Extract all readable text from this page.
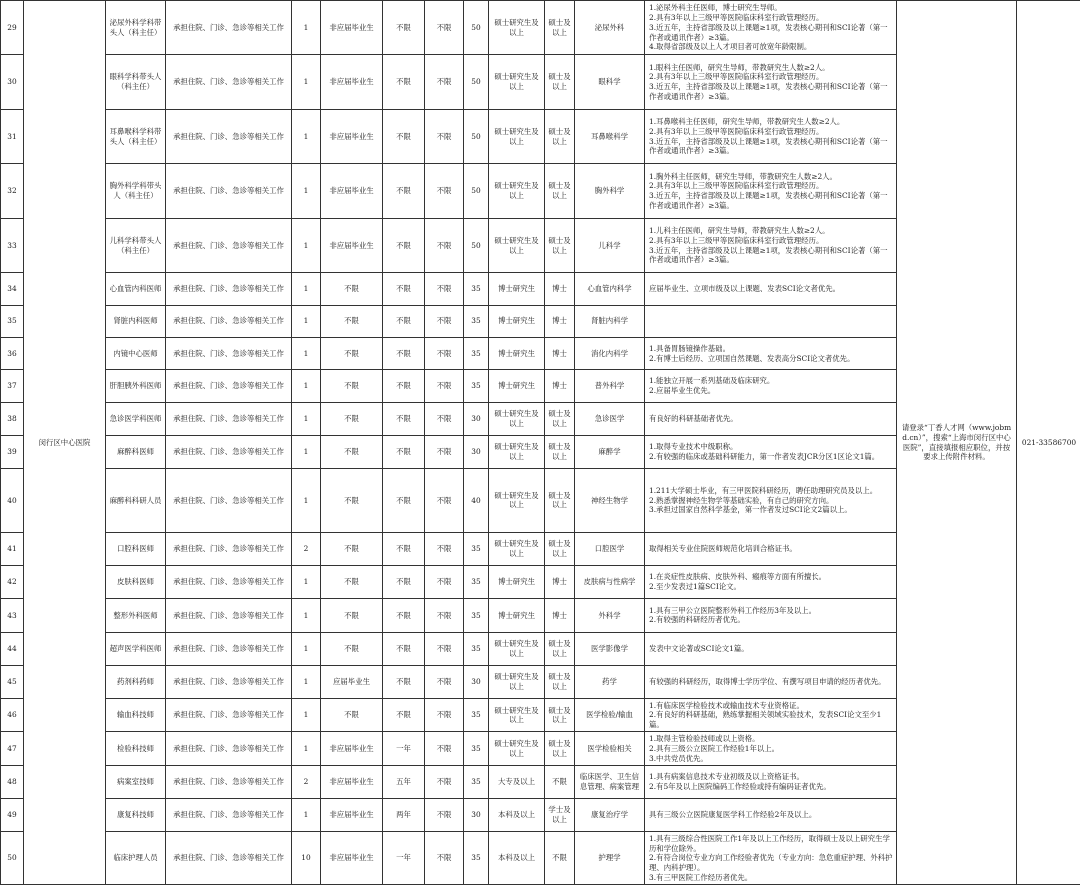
29	闵行区中心医院	泌尿外科学科带头人（科主任）	承担住院、门诊、急诊等相关工作	1	非应届毕业生	不限	不限	50	硕士研究生及以上	硕士及以上	泌尿外科	1.泌尿外科主任医师，博士研究生导师。
2.具有3年以上三级甲等医院临床科室行政管理经历。
3.近五年，主持省部级及以上课题≥1项，发表核心期刊和SCI论著（第一作者或通讯作者）≥3篇。
4.取得省部级及以上人才项目者可放宽年龄限制。	请登录“丁香人才网（www.jobmd.cn）”，搜索“上海市闵行区中心医院”，直接填报相应职位，并按要求上传附件材料。	021-33586700
30		眼科学科带头人（科主任）	承担住院、门诊、急诊等相关工作	1	非应届毕业生	不限	不限	50	硕士研究生及以上	硕士及以上	眼科学	1.眼科主任医师，研究生导师，带教研究生人数≥2人。
2.具有3年以上三级甲等医院临床科室行政管理经历。
3.近五年，主持省部级及以上课题≥1项，发表核心期刊和SCI论著（第一作者或通讯作者）≥3篇。		

31		耳鼻喉科学科带头人（科主任）	承担住院、门诊、急诊等相关工作	1	非应届毕业生	不限	不限	50	硕士研究生及以上	硕士及以上	耳鼻喉科学	1.耳鼻喉科主任医师，研究生导师，带教研究生人数≥2人。
2.具有3年以上三级甲等医院临床科室行政管理经历。
3.近五年，主持省部级及以上课题≥1项，发表核心期刊和SCI论著（第一作者或通讯作者）≥3篇。		

32		胸外科学科带头人（科主任）	承担住院、门诊、急诊等相关工作	1	非应届毕业生	不限	不限	50	硕士研究生及以上	硕士及以上	胸外科学	1.胸外科主任医师，研究生导师，带教研究生人数≥2人。
2.具有3年以上三级甲等医院临床科室行政管理经历。
3.近五年，主持省部级及以上课题≥1项，发表核心期刊和SCI论著（第一作者或通讯作者）≥3篇。		

33		儿科学科带头人（科主任）	承担住院、门诊、急诊等相关工作	1	非应届毕业生	不限	不限	50	硕士研究生及以上	硕士及以上	儿科学	1.儿科主任医师，研究生导师，带教研究生人数≥2人。
2.具有3年以上三级甲等医院临床科室行政管理经历。
3.近五年，主持省部级及以上课题≥1项，发表核心期刊和SCI论著（第一作者或通讯作者）≥3篇。		

34		心血管内科医师	承担住院、门诊、急诊等相关工作	1	不限	不限	不限	35	博士研究生	博士	心血管内科学	应届毕业生、立项市级及以上课题、发表SCI论文者优先。		

35		肾脏内科医师	承担住院、门诊、急诊等相关工作	1	不限	不限	不限	35	博士研究生	博士	肾脏内科学			
36		内镜中心医师	承担住院、门诊、急诊等相关工作	1	不限	不限	不限	35	博士研究生	博士	消化内科学	1.具备胃肠镜操作基础。
2.有博士后经历、立项国自然课题、发表高分SCI论文者优先。		

37		肝胆胰外科医师	承担住院、门诊、急诊等相关工作	1	不限	不限	不限	35	博士研究生	博士	普外科学	1.能独立开展一系列基础及临床研究。
2.应届毕业生优先。		

38		急诊医学科医师	承担住院、门诊、急诊等相关工作	1	不限	不限	不限	30	硕士研究生及以上	硕士及以上	急诊医学	有良好的科研基础者优先。		

39		麻醉科医师	承担住院、门诊、急诊等相关工作	1	不限	不限	不限	30	硕士研究生及以上	硕士及以上	麻醉学	1.取得专业技术中级职称。
2.有较强的临床或基础科研能力，第一作者发表JCR分区1区论文1篇。		

40		麻醉科科研人员	承担住院、门诊、急诊等相关工作	1	不限	不限	不限	40	硕士研究生及以上	硕士及以上	神经生物学	1.211大学硕士毕业，有三甲医院科研经历，聘任助理研究员及以上。
2.熟悉掌握神经生物学等基础实验，有自己的研究方向。
3.承担过国家自然科学基金，第一作者发过SCI论文2篇以上。		

41		口腔科医师	承担住院、门诊、急诊等相关工作	2	不限	不限	不限	35	硕士研究生及以上	硕士及以上	口腔医学	取得相关专业住院医师规范化培训合格证书。		

42		皮肤科医师	承担住院、门诊、急诊等相关工作	1	不限	不限	不限	35	博士研究生	博士	皮肤病与性病学	1.在炎症性皮肤病、皮肤外科、瘢痕等方面有所擅长。
2.至少发表过1篇SCI论文。		

43		整形外科医师	承担住院、门诊、急诊等相关工作	1	不限	不限	不限	35	博士研究生	博士	外科学	1.具有三甲公立医院整形外科工作经历3年及以上。
2.有较强的科研经历者优先。		

44		超声医学科医师	承担住院、门诊、急诊等相关工作	1	不限	不限	不限	35	硕士研究生及以上	硕士及以上	医学影像学	发表中文论著或SCI论文1篇。		

45		药剂科药师	承担住院、门诊、急诊等相关工作	1	应届毕业生	不限	不限	30	硕士研究生及以上	硕士及以上	药学	有较强的科研经历，取得博士学历学位、有撰写项目申请的经历者优先。		

46		输血科技师	承担住院、门诊、急诊等相关工作	1	不限	不限	不限	35	硕士研究生及以上	硕士及以上	医学检验/输血	1.有临床医学检验技术或输血技术专业资格证。
2.有良好的科研基础，熟练掌握相关领域实验技术，发表SCI论文至少1篇。		

47		检验科技师	承担住院、门诊、急诊等相关工作	1	非应届毕业生	一年	不限	35	硕士研究生及以上	硕士及以上	医学检验相关	1.取得主管检验技师或以上资格。
2.具有三级公立医院工作经验1年以上。
3.中共党员优先。		

48		病案室技师	承担住院、门诊、急诊等相关工作	2	非应届毕业生	五年	不限	35	大专及以上	不限	临床医学、卫生信息管理、病案管理	1.具有病案信息技术专业初级及以上资格证书。
2.有5年及以上医院编码工作经验或持有编码证者优先。		

49		康复科技师	承担住院、门诊、急诊等相关工作	1	非应届毕业生	两年	不限	30	本科及以上	学士及以上	康复治疗学	具有三级公立医院康复医学科工作经验2年及以上。		

50		临床护理人员	承担住院、门诊、急诊等相关工作	10	非应届毕业生	一年	不限	35	本科及以上	不限	护理学	1.具有三级综合性医院工作1年及以上工作经历，取得硕士及以上研究生学历和学位除外。
2.有符合岗位专业方向工作经验者优先（专业方向：急危重症护理、外科护理、内科护理）。
3.有三甲医院工作经历者优先。		
